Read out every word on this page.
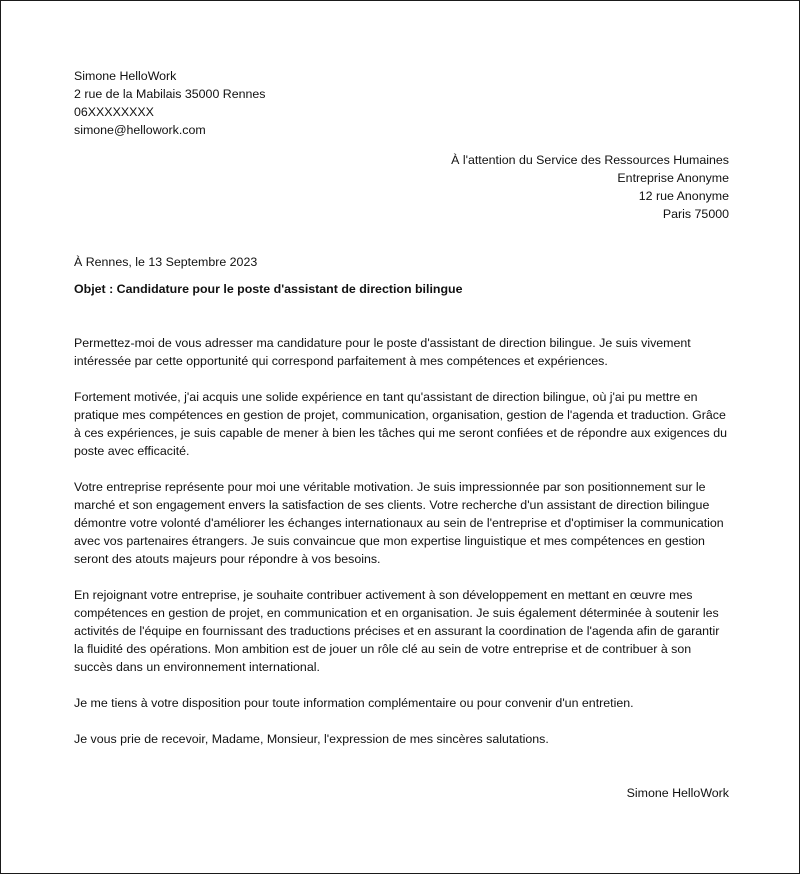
Simone HelloWork
2 rue de la Mabilais 35000 Rennes
06XXXXXXXX
simone@hellowork.com
À l'attention du Service des Ressources Humaines
Entreprise Anonyme
12 rue Anonyme
Paris 75000
À Rennes, le 13 Septembre 2023
Objet : Candidature pour le poste d'assistant de direction bilingue

Permettez-moi de vous adresser ma candidature pour le poste d'assistant de direction bilingue. Je suis vivement intéressée par cette opportunité qui correspond parfaitement à mes compétences et expériences.

Fortement motivée, j'ai acquis une solide expérience en tant qu'assistant de direction bilingue, où j'ai pu mettre en pratique mes compétences en gestion de projet, communication, organisation, gestion de l'agenda et traduction. Grâce à ces expériences, je suis capable de mener à bien les tâches qui me seront confiées et de répondre aux exigences du poste avec efficacité.

Votre entreprise représente pour moi une véritable motivation. Je suis impressionnée par son positionnement sur le marché et son engagement envers la satisfaction de ses clients. Votre recherche d'un assistant de direction bilingue démontre votre volonté d'améliorer les échanges internationaux au sein de l'entreprise et d'optimiser la communication avec vos partenaires étrangers. Je suis convaincue que mon expertise linguistique et mes compétences en gestion seront des atouts majeurs pour répondre à vos besoins.

En rejoignant votre entreprise, je souhaite contribuer activement à son développement en mettant en œuvre mes compétences en gestion de projet, en communication et en organisation. Je suis également déterminée à soutenir les activités de l'équipe en fournissant des traductions précises et en assurant la coordination de l'agenda afin de garantir la fluidité des opérations. Mon ambition est de jouer un rôle clé au sein de votre entreprise et de contribuer à son succès dans un environnement international.

Je me tiens à votre disposition pour toute information complémentaire ou pour convenir d'un entretien.

Je vous prie de recevoir, Madame, Monsieur, l'expression de mes sincères salutations.

Simone HelloWork
